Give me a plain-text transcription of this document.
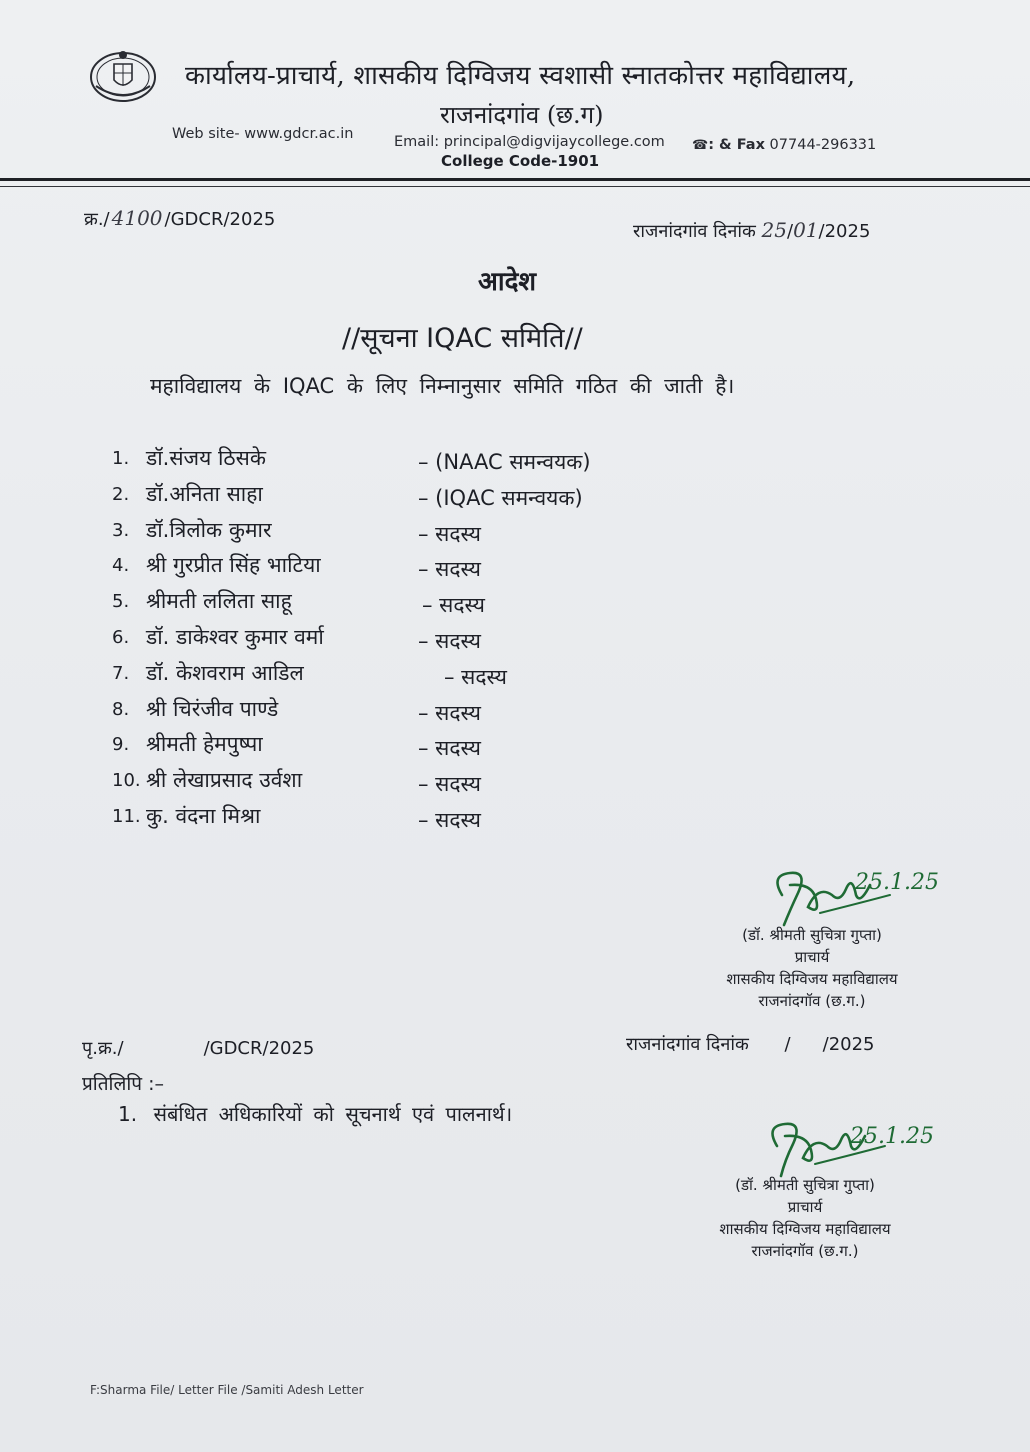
कार्यालय-प्राचार्य, शासकीय दिग्विजय स्वशासी स्नातकोत्तर महाविद्यालय,
राजनांदगांव (छ.ग)
Web site- www.gdcr.ac.in	Email: principal@digvijaycollege.com ☎: & Fax 07744-296331
College Code-1901
क्र./ 4100 /GDCR/2025
राजनांदगांव दिनांक 25/01/2025
आदेश
//सूचना IQAC समिति//
महाविद्यालय के IQAC के लिए निम्नानुसार समिति गठित की जाती है।
1. डॉ.संजय ठिसके	– (NAAC समन्वयक)
2. डॉ.अनिता साहा	– (IQAC समन्वयक)
3. डॉ.त्रिलोक कुमार	– सदस्य
4. श्री गुरप्रीत सिंह भाटिया	– सदस्य
5. श्रीमती ललिता साहू	– सदस्य
6. डॉ. डाकेश्वर कुमार वर्मा	– सदस्य
7. डॉ. केशवराम आडिल	– सदस्य
8. श्री चिरंजीव पाण्डे	– सदस्य
9. श्रीमती हेमपुष्पा	– सदस्य
10. श्री लेखाप्रसाद उर्वशा	– सदस्य
11. कु. वंदना मिश्रा	– सदस्य
25.1.25
(डॉ. श्रीमती सुचित्रा गुप्ता)
प्राचार्य
शासकीय दिग्विजय महाविद्यालय
राजनांदगॉव (छ.ग.)
पृ.क्र./	/GDCR/2025	राजनांदगांव दिनांक / /2025
प्रतिलिपि :–
1. संबंधित अधिकारियों को सूचनार्थ एवं पालनार्थ।
25.1.25
(डॉ. श्रीमती सुचित्रा गुप्ता)
प्राचार्य
शासकीय दिग्विजय महाविद्यालय
राजनांदगॉव (छ.ग.)
F:Sharma File/ Letter File /Samiti Adesh Letter
